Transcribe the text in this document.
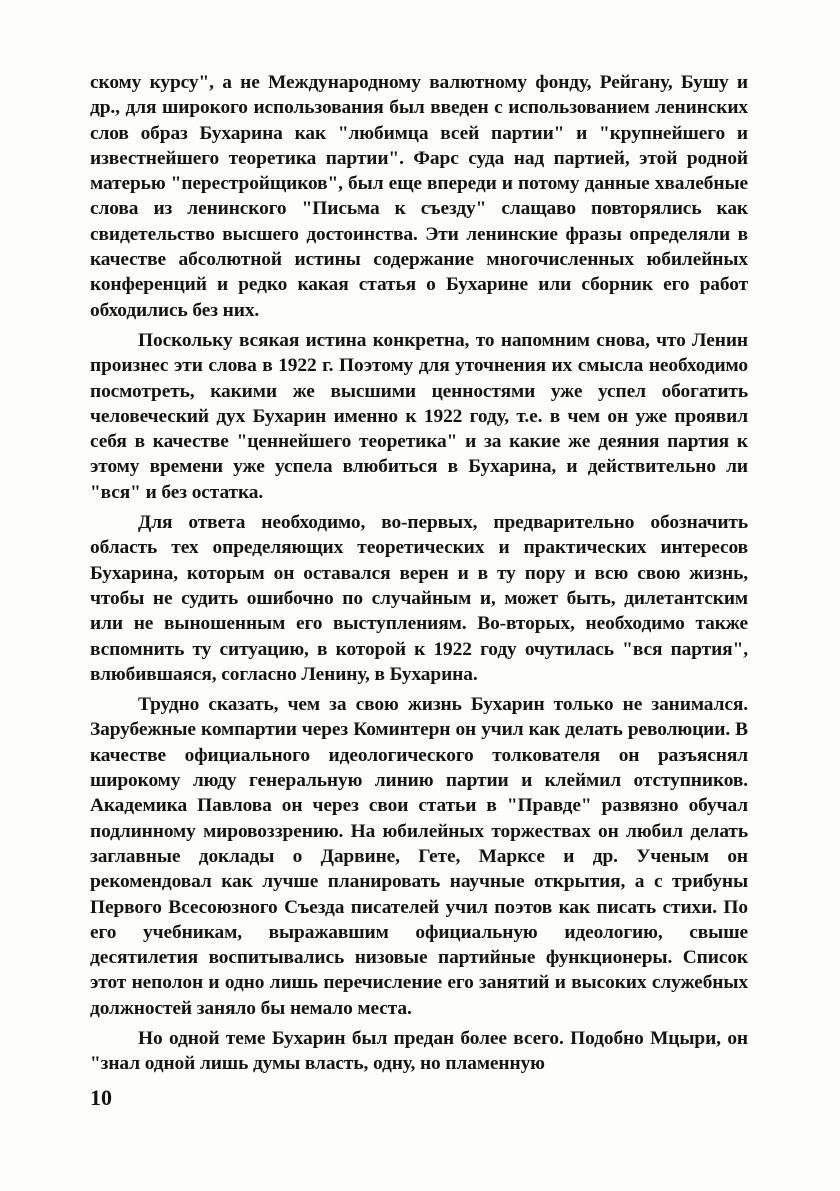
скому курсу", а не Международному валютному фонду, Рейгану, Бушу и др., для широкого использования был введен с использованием ленинских слов образ Бухарина как "любимца всей партии" и "крупнейшего и известнейшего теоретика партии". Фарс суда над партией, этой родной матерью "перестройщиков", был еще впереди и потому данные хвалебные слова из ленинского "Письма к съезду" слащаво повторялись как свидетельство высшего достоинства. Эти ленинские фразы определяли в качестве абсолютной истины содержание многочисленных юбилейных конференций и редко какая статья о Бухарине или сборник его работ обходились без них.

Поскольку всякая истина конкретна, то напомним снова, что Ленин произнес эти слова в 1922 г. Поэтому для уточнения их смысла необходимо посмотреть, какими же высшими ценностями уже успел обогатить человеческий дух Бухарин именно к 1922 году, т.е. в чем он уже проявил себя в качестве "ценнейшего теоретика" и за какие же деяния партия к этому времени уже успела влюбиться в Бухарина, и действительно ли "вся" и без остатка.

Для ответа необходимо, во-первых, предварительно обозначить область тех определяющих теоретических и практических интересов Бухарина, которым он оставался верен и в ту пору и всю свою жизнь, чтобы не судить ошибочно по случайным и, может быть, дилетантским или не выношенным его выступлениям. Во-вторых, необходимо также вспомнить ту ситуацию, в которой к 1922 году очутилась "вся партия", влюбившаяся, согласно Ленину, в Бухарина.

Трудно сказать, чем за свою жизнь Бухарин только не занимался. Зарубежные компартии через Коминтерн он учил как делать революции. В качестве официального идеологического толкователя он разъяснял широкому люду генеральную линию партии и клеймил отступников. Академика Павлова он через свои статьи в "Правде" развязно обучал подлинному мировоззрению. На юбилейных торжествах он любил делать заглавные доклады о Дарвине, Гете, Марксе и др. Ученым он рекомендовал как лучше планировать научные открытия, а с трибуны Первого Всесоюзного Съезда писателей учил поэтов как писать стихи. По его учебникам, выражавшим официальную идеологию, свыше десятилетия воспитывались низовые партийные функционеры. Список этот неполон и одно лишь перечисление его занятий и высоких служебных должностей заняло бы немало места.

Но одной теме Бухарин был предан более всего. Подобно Мцыри, он "знал одной лишь думы власть, одну, но пламенную

10
